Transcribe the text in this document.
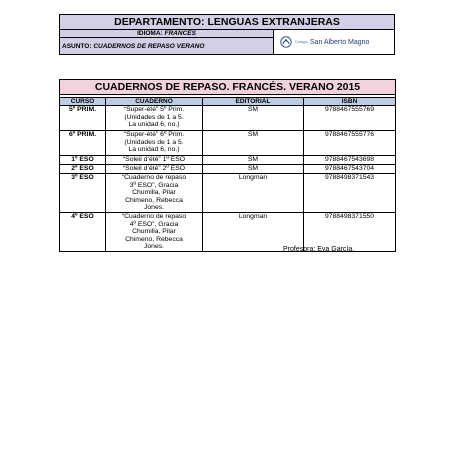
DEPARTAMENTO: LENGUAS EXTRANJERAS
IDIOMA: FRANCÉS	
Colegio San Alberto Magno

ASUNTO: CUADERNOS DE REPASO VERANO
CUADERNOS DE REPASO. FRANCÉS. VERANO 2015			

CURSO	CUADERNO	EDITORIAL	ISBN
5º PRIM.	“Super-été” 5º Prim.
(Unidades de 1 a 5.
La unidad 6, no.)	SM	9788467555769
6º PRIM.	“Super-été” 6º Prim.
(Unidades de 1 a 5.
La unidad 6, no.)	SM	9788467555776
1º ESO	“Soleil d’été” 1º ESO	SM	9788467543698
2º ESO	“Soleil d’été” 2º ESO	SM	9788467543704
3º ESO	“Cuaderno de repaso
3º ESO”, Gracia
Chumilla, Pilar
Chimeno, Rebecca
Jones.	Longman	9788498371543
4º ESO	“Cuaderno de repaso
4º ESO”, Gracia
Chumilla, Pilar
Chimeno, Rebecca
Jones.	Longman	9788498371550
Profesora: Eva García.
